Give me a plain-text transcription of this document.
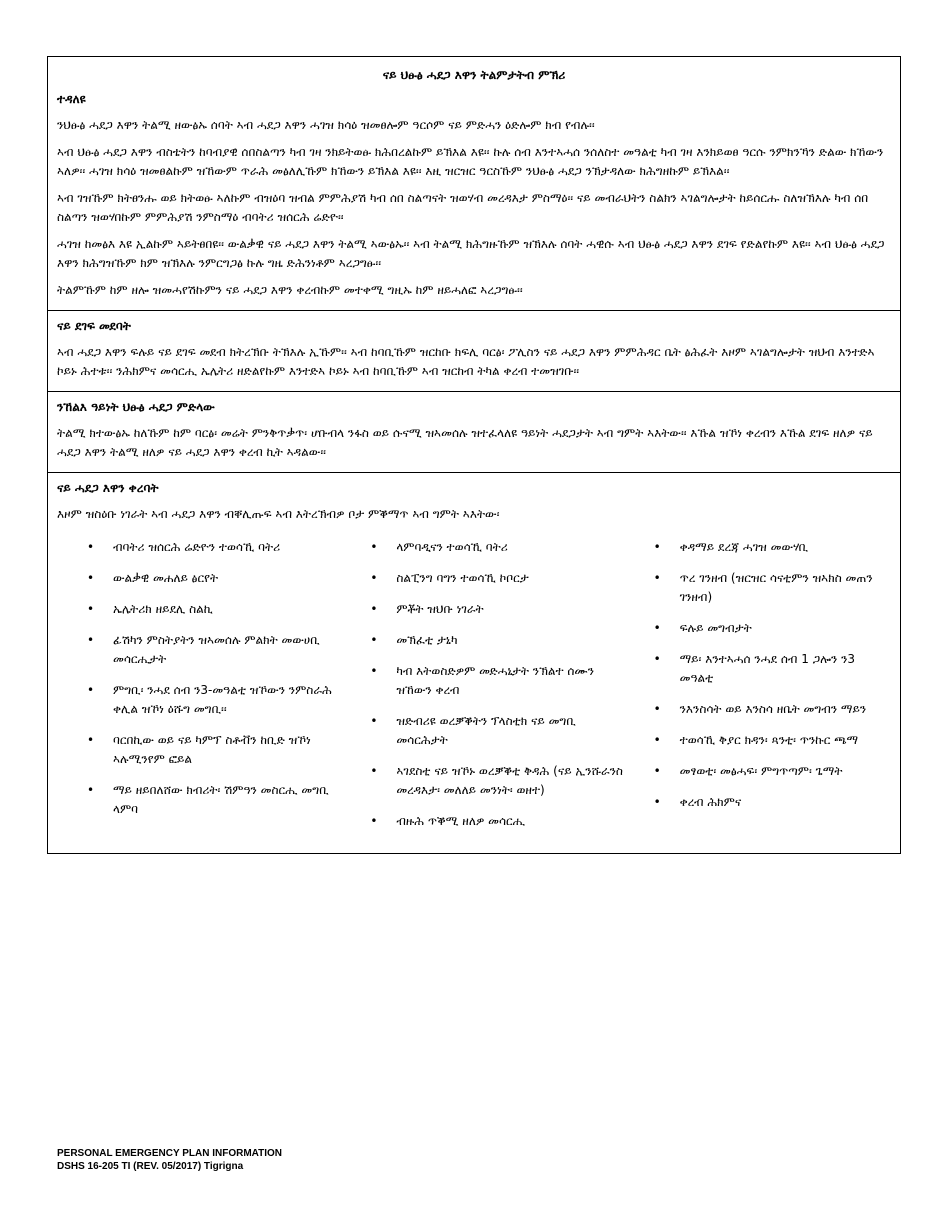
ናይ ህፁፅ ሓደጋ እዋን ትልምታትብ ምኽሪ
ተዳለዩ

ንህፁፅ ሓደጋ እዋን ትልሚ ዘውፅኡ ሰባት ኣብ ሓደጋ እዋን ሓገዝ ክሳዕ ዝመፀሎም ዓርሶም ናይ ምድሓን ዕድሎም ክብ የብሉ፡፡

ኣብ ህፁፅ ሓደጋ እዋን ብስቴትን ከባብያዊ ሰበስልጣን ካብ ገዛ ንክይትወፁ ክሕበረልኩም ይኽእል እዩ፡፡ ኩሉ ሰብ እንተኣሓሰ ንሰለስተ መዓልቲ ካብ ገዛ እንክይወፀ ዓርሱ ንምክንኻን ድልው ክኸውን ኣለዎ፡፡ ሓገዝ ክሳዕ ዝመፀልኩም ዝኸውም ጥራሕ መፅለሊኹም ክኸውን ይኽእል እዩ፡፡ እዚ ዝርዝር ዓርስኹም ንህፁፅ ሓደጋ ንኽታዳለው ክሕግዘኩም ይኽእል፡፡

ኣብ ገዝኹም ክትፀንሑ ወይ ክትወፁ ኣለኩም ብዝዕባ ዝብል ምምሕያሽ ካብ ሰበ ስልጣናት ዝወሃብ መረዳእታ ምስማዕ፡፡ ናይ መብራህትን ስልክን ኣገልግሎታት ከይሰርሑ ስለዝኽእሉ ካብ ሰበ ስልጣን ዝወሃበኩም ምምሕያሽ ንምስማዕ ብባትሪ ዝሰርሕ ሬድዮ፡፡

ሓገዝ ከመፅእ እዩ ኢልኩም ኣይትፀበዩ፡፡ ውልቃዊ ናይ ሓደጋ እዋን ትልሚ ኣውፅኡ፡፡ ኣብ ትልሚ ክሕግዙኹም ዝኽእሉ ሰባት ሓዊሱ ኣብ ህፁፅ ሓደጋ እዋን ደገፍ የድልየኩም እዩ፡፡ ኣብ ህፁፅ ሓደጋ እዋን ክሕግዝኹም ክም ዝኽእሉ ንምርግጋፅ ኩሉ ግዜ ድሕንነቶም ኣረጋግፁ፡፡

ትልምኹም ከም ዘሎ ዝመሓየሽኩምን ናይ ሓደጋ እዋን ቀረብኩም መተቀሚ ግዚኡ ከም ዘይሓለፎ ኣረጋግፁ፡፡

ናይ ደገፍ መደባት

ኣብ ሓደጋ እዋን ፍሉይ ናይ ደገፍ መደብ ክትረኽቡ ትኽእሉ ኢኹም፡፡ ኣብ ከባቢኹም ዝርከቡ ክፍሊ ባርፅ፡ ፖሊስን ናይ ሓደጋ እዋን ምምሕዳር ቤት ፅሕፈት እዞም ኣገልግሎታት ዝህብ እንተድኣ ኮይኑ ሕተቱ፡፡ ንሕክምና መሳርሒ ኤሌትሪ ዘድልየኩም እንተድኣ ኮይኑ ኣብ ከባቢኹም ኣብ ዝርከብ ትካል ቀረብ ተመዝገቡ፡፡

ንኸልእ ዓይነት ህፁፅ ሓደጋ ምድላው

ትልሚ ክተውፅኡ ከለኹም ከም ባርፅ፡ መሬት ምንቅጥቃጥ፡ ሆቡብላ ንፋስ ወይ ሱናሚ ዝኣመሰሉ ዝተፈላለዩ ዓይነት ሓደጋታት ኣብ ግምት ኣእትው፡፡ እኹል ዝኾነ ቀረብን እኹል ደገፍ ዘለዎ ናይ ሓደጋ እዋን ትልሚ ዘለዎ ናይ ሓደጋ እዋን ቀረብ ኪት ኣዳልው፡፡

ናይ ሓደጋ እዋን ቀረባት

እዞም ዝስዕቡ ነገራት ኣብ ሓደጋ እዋን ብቐሊጡፍ ኣብ እትረኽብዎ ቦታ ምቕማጥ ኣብ ግምት ኣእትው፡

• ብባትሪ ዝሰርሕ ሬድዮን ተወሳኺ ባትሪ
• ውልቃዊ መሐለይ ፅርየት
• ኤሌትሪክ ዘይደሊ ስልኪ
• ፊሽካን ምስትያትን ዝኣመሰሉ ምልክት መውሀቢ መሳርሒታት
• ምግቢ፡ ንሓደ ሰብ ን3-መዓልቲ ዝኾውን ንምስራሕ ቀሊል ዝኾነ ዕሹግ መግቢ፡፡
• ባርበኪው ወይ ናይ ካምፕ ስቶቭን ከቢድ ዝኾነ ኣሉሚንየም ፎይል
• ማይ ዘይበለሸው ክብሪት፡ ሽምዓን መስርሒ መግቢ ላምባ
• ላምባዲናን ተወሳኺ ባትሪ
• ስልፒንግ ባግን ተወሳኺ ኮቦርታ
• ምቾት ዝህቡ ነገራት
• መኽፈቲ ታኒካ
• ካብ እትወስድዎም መድሓኒታት ንኽልተ ሰሙን ዝኸውን ቀረብ
• ዝድብሪዩ ወረቓቕትን ፕላስቲክ ናይ መግቢ መሳርሕታት
• ኣገደስቲ ናይ ዝኾኑ ወረቓቕቲ ቅዳሕ (ናይ ኢንሹራንስ መረዳእታ፡ መለለይ መንነት፡ ወዘተ)
• ብዙሕ ጥቕሚ ዘለዎ መሳርሒ
• ቀዳማይ ደረጃ ሓገዝ መውሃቢ
• ጥረ ገንዘብ (ዝርዝር ሳናቲምን ዝኣክስ መጠን ገንዘብ)
• ፍሉይ መግብታት
• ማይ፡ እንተኣሓሰ ንሓደ ሰብ 1 ጋሎን ን3 መዓልቲ
• ንእንስሳት ወይ እንስሳ ዘቤት መግብን ማይን
• ተወሳኺ ቅያር ክዳን፡ ጻንቲ፡ ጥንኩር ጫማ
• መፃወቲ፡ መፅሓፍ፡ ምግጥጣም፡ ጌማት
• ቀረብ ሕክምና
PERSONAL EMERGENCY PLAN INFORMATION
DSHS 16-205 TI (REV. 05/2017) Tigrigna
